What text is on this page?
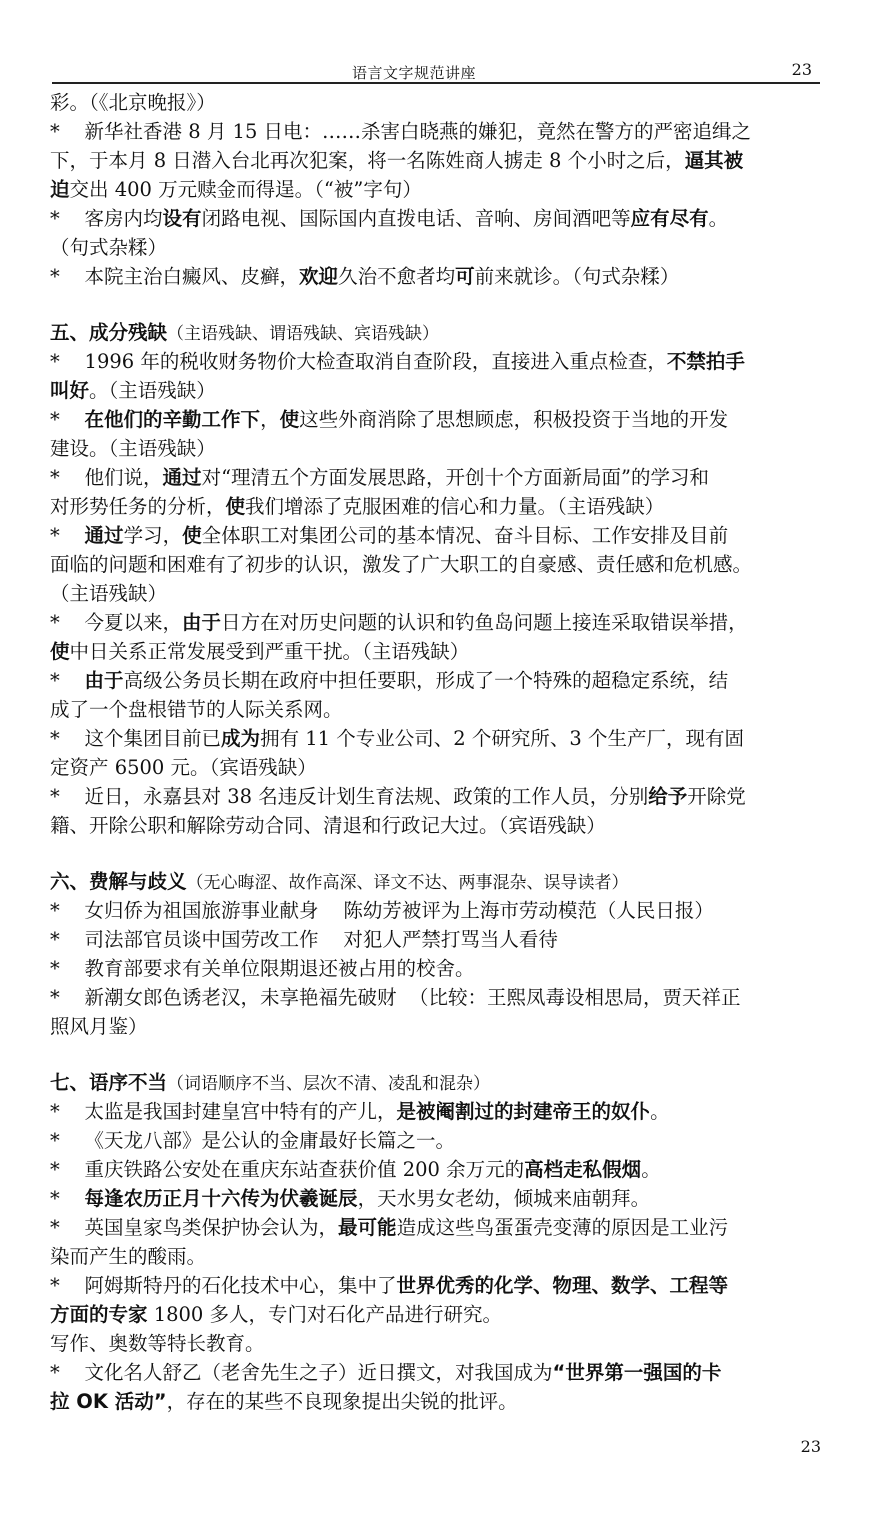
语言文字规范讲座	23
彩。（《北京晚报》）
*    新华社香港 8 月 15 日电：……杀害白晓燕的嫌犯，竟然在警方的严密追缉之
下，于本月 8 日潜入台北再次犯案，将一名陈姓商人掳走 8 个小时之后，逼其被
迫交出 400 万元赎金而得逞。（“被”字句）
*    客房内均设有闭路电视、国际国内直拨电话、音响、房间酒吧等应有尽有。
（句式杂糅）
*    本院主治白癜风、皮癣，欢迎久治不愈者均可前来就诊。（句式杂糅）
五、成分残缺（主语残缺、谓语残缺、宾语残缺）
*    1996 年的税收财务物价大检查取消自查阶段，直接进入重点检查，不禁拍手
叫好。（主语残缺）
*    在他们的辛勤工作下，使这些外商消除了思想顾虑，积极投资于当地的开发
建设。（主语残缺）
*    他们说，通过对“理清五个方面发展思路，开创十个方面新局面”的学习和
对形势任务的分析，使我们增添了克服困难的信心和力量。（主语残缺）
*    通过学习，使全体职工对集团公司的基本情况、奋斗目标、工作安排及目前
面临的问题和困难有了初步的认识，激发了广大职工的自豪感、责任感和危机感。
（主语残缺）
*    今夏以来，由于日方在对历史问题的认识和钓鱼岛问题上接连采取错误举措，
使中日关系正常发展受到严重干扰。（主语残缺）
*    由于高级公务员长期在政府中担任要职，形成了一个特殊的超稳定系统，结
成了一个盘根错节的人际关系网。
*    这个集团目前已成为拥有 11 个专业公司、2 个研究所、3 个生产厂，现有固
定资产 6500 元。（宾语残缺）
*    近日，永嘉县对 38 名违反计划生育法规、政策的工作人员，分别给予开除党
籍、开除公职和解除劳动合同、清退和行政记大过。（宾语残缺）
六、费解与歧义（无心晦涩、故作高深、译文不达、两事混杂、误导读者）
*    女归侨为祖国旅游事业献身    陈幼芳被评为上海市劳动模范（人民日报）
*    司法部官员谈中国劳改工作    对犯人严禁打骂当人看待
*    教育部要求有关单位限期退还被占用的校舍。
*    新潮女郎色诱老汉，未享艳福先破财  （比较：王熙凤毒设相思局，贾天祥正
照风月鉴）
七、语序不当（词语顺序不当、层次不清、凌乱和混杂）
*    太监是我国封建皇宫中特有的产儿，是被阉割过的封建帝王的奴仆。
*    《天龙八部》是公认的金庸最好长篇之一。
*    重庆铁路公安处在重庆东站查获价值 200 余万元的高档走私假烟。
*    每逢农历正月十六传为伏羲诞辰，天水男女老幼，倾城来庙朝拜。
*    英国皇家鸟类保护协会认为，最可能造成这些鸟蛋蛋壳变薄的原因是工业污
染而产生的酸雨。
*    阿姆斯特丹的石化技术中心，集中了世界优秀的化学、物理、数学、工程等
方面的专家 1800 多人，专门对石化产品进行研究。
写作、奥数等特长教育。
*    文化名人舒乙（老舍先生之子）近日撰文，对我国成为“世界第一强国的卡
拉 OK 活动”，存在的某些不良现象提出尖锐的批评。
23
